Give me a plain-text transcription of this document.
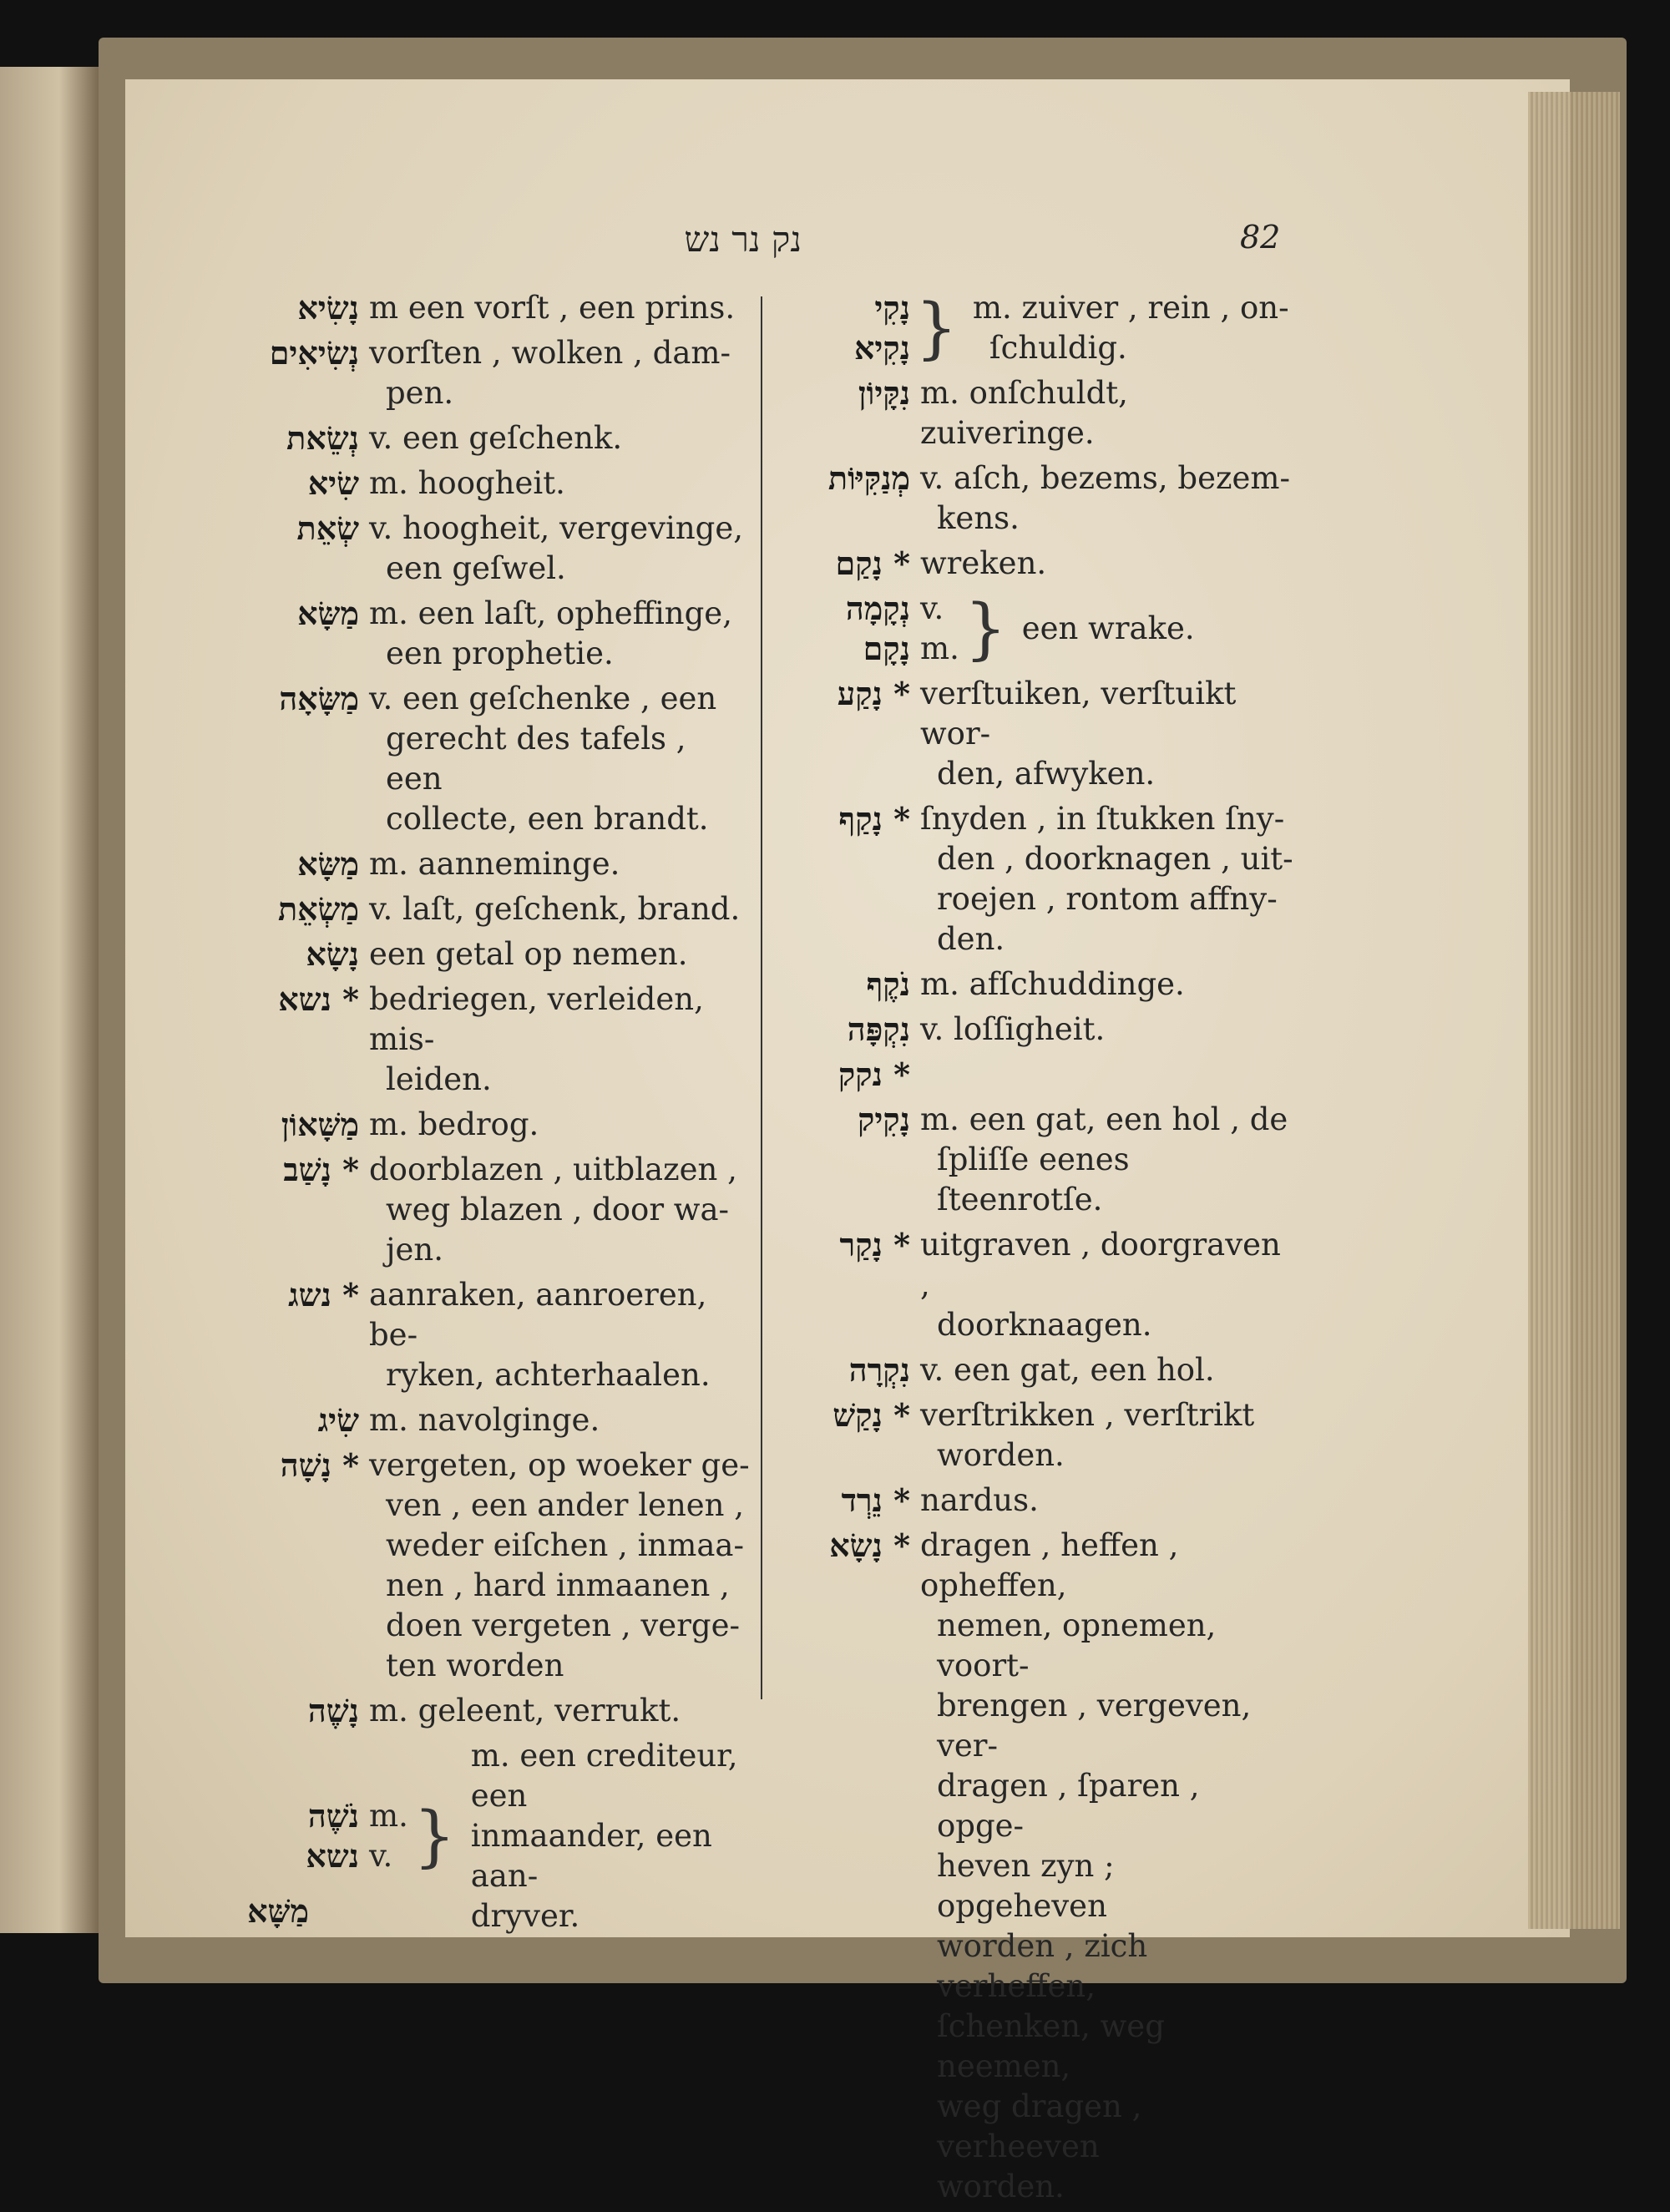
נק נר נש	82
נָשִׂיא m een vorſt , een prins.
נְשִׂיאִים vorſten , wolken , dam-
pen.
נְשֵׂאת v. een geſchenk.
שִׂיא m. hoogheit.
שְׂאֵת v. hoogheit, vergevinge,
een geſwel.
מַשָּׂא m. een laſt, opheffinge,
een prophetie.
מַשָּׂאָה v. een geſchenke , een
gerecht des tafels , een
collecte, een brandt.
מַשָּׂא m. aanneminge.
מַשְׂאֵת v. laſt, geſchenk, brand.
נָשָׂא een getal op nemen.
* נשא bedriegen, verleiden, mis-
leiden.
מַשָּׁאוֹן m. bedrog.
* נָשַׁב doorblazen , uitblazen ,
weg blazen , door wa-
jen.
* נשג aanraken, aanroeren, be-
ryken, achterhaalen.
שִׂיג m. navolginge.
* נָשָׁה vergeten, op woeker ge-
ven , een ander lenen ,
weder eiſchen , inmaa-
nen , hard inmaanen ,
doen vergeten , verge-
ten worden
נָשֶׁה m. geleent, verrukt.
נֹשֶׁה
נשא
m.
v. }
m. een crediteur, een
inmaander, een aan-
dryver.
מַשָּׁא
נָקִי
נָקִיא } m. zuiver , rein , on-
ſchuldig.
נִקָּיוֹן m. onſchuldt, zuiveringe.
מְנַקִּיּוֹת v. aſch, bezems, bezem-
kens.
* נָקַם wreken.
נְקָמָה
נָקָם
v.
m. } een wrake.
* נָקַע verſtuiken, verſtuikt wor-
den, afwyken.
* נָקַף ſnyden , in ſtukken ſny-
den , doorknagen , uit-
roejen , rontom affny-
den.
נֹקֶף m. afſchuddinge.
נִקְפָּה v. loſſigheit.
* נקק
נָקִיק m. een gat, een hol , de
ſpliſſe eenes ſteenrotſe.
* נָקַר uitgraven , doorgraven ,
doorknaagen.
נִקְרָה v. een gat, een hol.
* נָקַשׁ verſtrikken , verſtrikt
worden.
* נֵרְד nardus.
* נָשָׂא dragen , heffen , opheffen,
nemen, opnemen, voort-
brengen , vergeven, ver-
dragen , ſparen , opge-
heven zyn ; opgeheven
worden , zich verheffen,
ſchenken, weg neemen,
weg dragen , verheeven
worden.
